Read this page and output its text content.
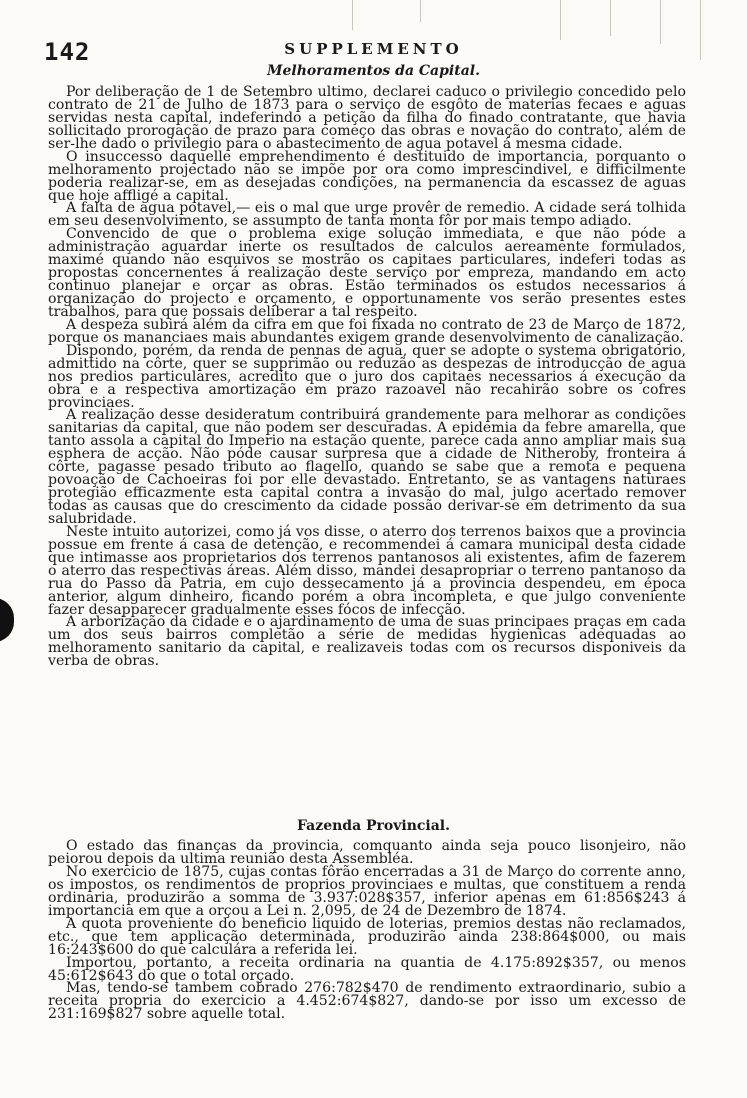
142	SUPPLEMENTO
Melhoramentos da Capital.

Por deliberação de 1 de Setembro ultimo, declarei caduco o privilegio concedido pelo contrato de 21 de Julho de 1873 para o serviço de esgôto de materias fecaes e aguas servidas nesta capital, indeferindo a petição da filha do finado contratante, que havia sollicitado prorogação de prazo para começo das obras e novação do contrato, além de ser-lhe dado o privilegio para o abastecimento de agua potavel á mesma cidade.

O insuccesso daquelle emprehendimento é destituido de importancia, porquanto o melhoramento projectado não se impõe por ora como imprescindivel, e difficilmente poderia realizar-se, em as desejadas condições, na permanencia da escassez de aguas que hoje affligé a capital.

A falta de agua potavel,— eis o mal que urge provêr de remedio. A cidade será tolhida em seu desenvolvimento, se assumpto de tanta monta fôr por mais tempo adiado.

Convencido de que o problema exige solução immediata, e que não póde a administração aguardar inerte os resultados de calculos aereamente formulados, maximé quando não esquivos se mostrão os capitaes particulares, indeferi todas as propostas concernentes á realização deste serviço por empreza, mandando em acto continuo planejar e orçar as obras. Estão terminados os estudos necessarios á organização do projecto e orçamento, e opportunamente vos serão presentes estes trabalhos, para que possais deliberar a tal respeito.

A despeza subirá além da cifra em que foi fixada no contrato de 23 de Março de 1872, porque os mananciaes mais abundantes exigem grande desenvolvimento de canalização.

Dispondo, porém, da renda de pennas de agua, quer se adopte o systema obrigatorio, admittido na côrte, quer se supprimão ou reduzão as despezas de introducção de agua nos predios particulares, acredito que o juro dos capitaes necessarios á execução da obra e a respectiva amortização em prazo razoavel não recahirão sobre os cofres provinciaes.

A realização desse desideratum contribuirá grandemente para melhorar as condições sanitarias da capital, que não podem ser descuradas. A epidemia da febre amarella, que tanto assola a capital do Imperio na estação quente, parece cada anno ampliar mais sua esphera de acção. Não póde causar surpresa que a cidade de Nitheroby, fronteira á côrte, pagasse pesado tributo ao flagello, quando se sabe que a remota e pequena povoação de Cachoeiras foi por elle devastado. Entretanto, se as vantagens naturaes protegião efficazmente esta capital contra a invasão do mal, julgo acertado remover todas as causas que do crescimento da cidade possão derivar-se em detrimento da sua salubridade.

Neste intuito autorizei, como já vos disse, o aterro dos terrenos baixos que a provincia possue em frente á casa de detenção, e recommendei á camara municipal desta cidade que intimasse aos proprietarios dos terrenos pantanosos ali existentes, afim de fazerem o aterro das respectivas áreas. Além disso, mandei desapropriar o terreno pantanoso da rua do Passo da Patria, em cujo dessecamento já a provincia despendeu, em época anterior, algum dinheiro, ficando porém a obra incompleta, e que julgo conveniente fazer desapparecer gradualmente esses fócos de infecção.

A arborização da cidade e o ajardinamento de uma de suas principaes praças em cada um dos seus bairros completão a série de medidas hygienicas adequadas ao melhoramento sanitario da capital, e realizaveis todas com os recursos disponiveis da verba de obras.

Fazenda Provincial.

O estado das finanças da provincia, comquanto ainda seja pouco lisonjeiro, não peiorou depois da ultima reunião desta Assembléa.

No exercicio de 1875, cujas contas fôrão encerradas a 31 de Março do corrente anno, os impostos, os rendimentos de proprios provinciaes e multas, que constituem a renda ordinaria, produzirão a somma de 3.937:028$357, inferior apenas em 61:856$243 á importancia em que a orçou a Lei n. 2,095, de 24 de Dezembro de 1874.

A quota proveniente do beneficio liquido de loterias, premios destas não reclamados, etc., que tem applicação determinada, produzirão ainda 238:864$000, ou mais 16:243$600 do que calculára a referida lei.

Importou, portanto, a receita ordinaria na quantia de 4.175:892$357, ou menos 45:612$643 do que o total orçado.

Mas, tendo-se tambem cobrado 276:782$470 de rendimento extraordinario, subio a receita propria do exercicio a 4.452:674$827, dando-se por isso um excesso de 231:169$827 sobre aquelle total.
